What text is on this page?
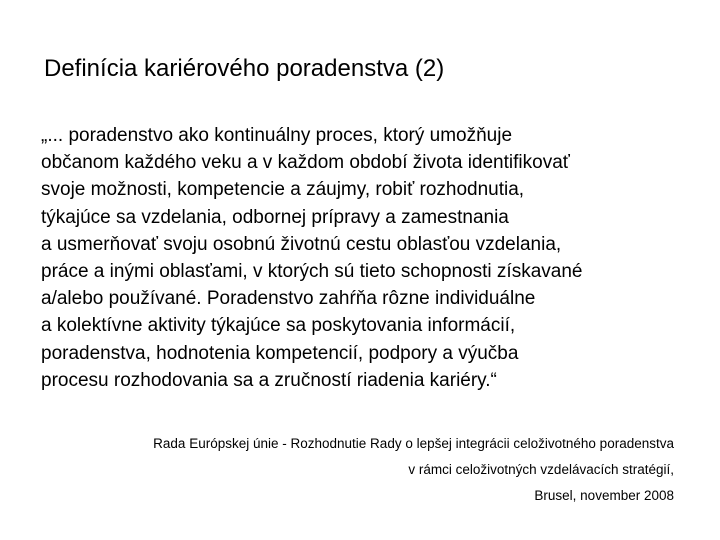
Definícia kariérového poradenstva (2)
„... poradenstvo ako kontinuálny proces, ktorý umožňuje
občanom každého veku a v každom období života identifikovať
svoje možnosti, kompetencie a záujmy, robiť rozhodnutia,
týkajúce sa vzdelania, odbornej prípravy a zamestnania
a usmerňovať svoju osobnú životnú cestu oblasťou vzdelania,
práce a inými oblasťami, v ktorých sú tieto schopnosti získavané
a/alebo používané. Poradenstvo zahŕňa rôzne individuálne
a kolektívne aktivity týkajúce sa poskytovania informácií,
poradenstva, hodnotenia kompetencií, podpory a výučba
procesu rozhodovania sa a zručností riadenia kariéry.“
Rada Európskej únie - Rozhodnutie Rady o lepšej integrácii celoživotného poradenstva
v rámci celoživotných vzdelávacích stratégií,
Brusel, november 2008
